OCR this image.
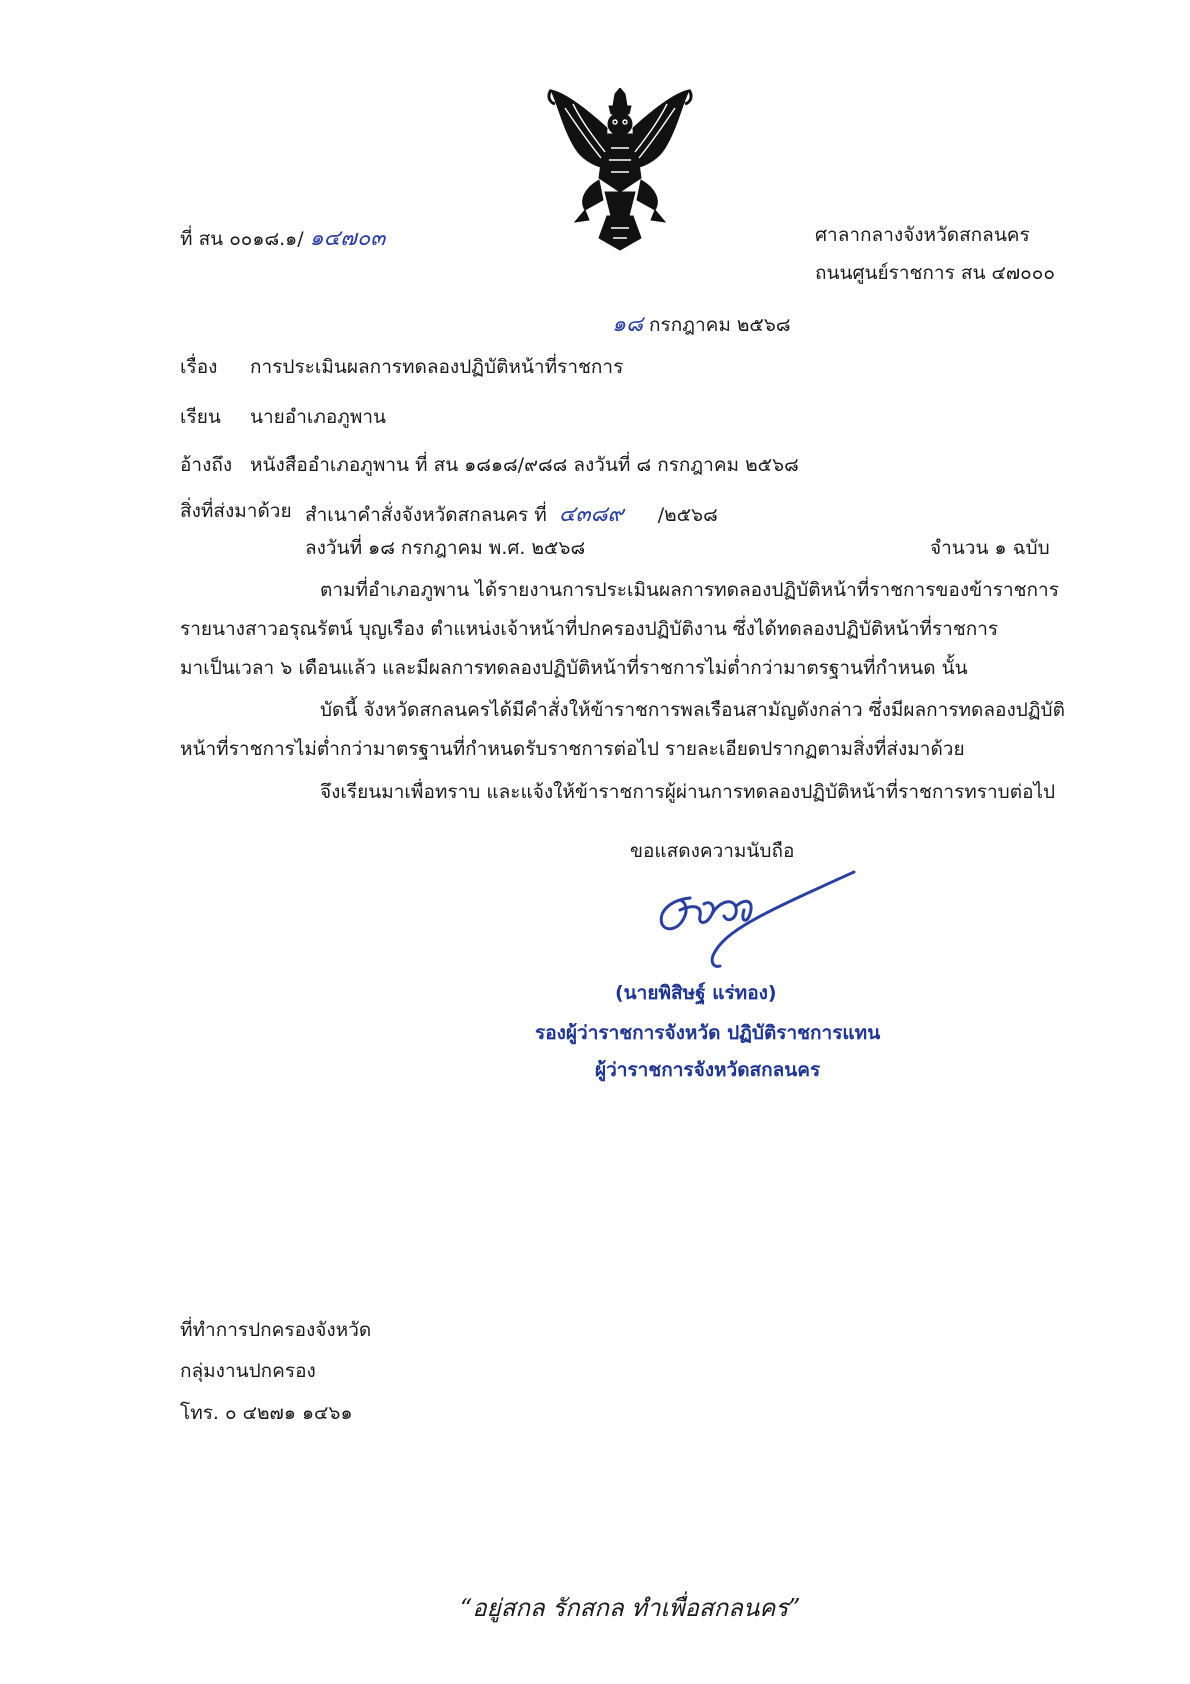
ที่ สน ๐๐๑๘.๑/ ๑๔๗๐๓	ศาลากลางจังหวัดสกลนคร
ถนนศูนย์ราชการ สน ๔๗๐๐๐
๑๘ กรกฎาคม ๒๕๖๘
เรื่อง การประเมินผลการทดลองปฏิบัติหน้าที่ราชการ
เรียน นายอำเภอภูพาน
อ้างถึง หนังสืออำเภอภูพาน ที่ สน ๑๘๑๘/๙๘๘ ลงวันที่ ๘ กรกฎาคม ๒๕๖๘
สิ่งที่ส่งมาด้วย สำเนาคำสั่งจังหวัดสกลนคร ที่ ๔๓๘๙ /๒๕๖๘
ลงวันที่ ๑๘ กรกฎาคม พ.ศ. ๒๕๖๘	จำนวน ๑ ฉบับ
ตามที่อำเภอภูพาน ได้รายงานการประเมินผลการทดลองปฏิบัติหน้าที่ราชการของข้าราชการ
รายนางสาวอรุณรัตน์ บุญเรือง ตำแหน่งเจ้าหน้าที่ปกครองปฏิบัติงาน ซึ่งได้ทดลองปฏิบัติหน้าที่ราชการ
มาเป็นเวลา ๖ เดือนแล้ว และมีผลการทดลองปฏิบัติหน้าที่ราชการไม่ต่ำกว่ามาตรฐานที่กำหนด นั้น
บัดนี้ จังหวัดสกลนครได้มีคำสั่งให้ข้าราชการพลเรือนสามัญดังกล่าว ซึ่งมีผลการทดลองปฏิบัติ
หน้าที่ราชการไม่ต่ำกว่ามาตรฐานที่กำหนดรับราชการต่อไป รายละเอียดปรากฏตามสิ่งที่ส่งมาด้วย
จึงเรียนมาเพื่อทราบ และแจ้งให้ข้าราชการผู้ผ่านการทดลองปฏิบัติหน้าที่ราชการทราบต่อไป
ขอแสดงความนับถือ
(นายพิสิษฐ์ แร่ทอง)
รองผู้ว่าราชการจังหวัด ปฏิบัติราชการแทน
ผู้ว่าราชการจังหวัดสกลนคร
ที่ทำการปกครองจังหวัด
กลุ่มงานปกครอง
โทร. ๐ ๔๒๗๑ ๑๔๖๑
“อยู่สกล รักสกล ทำเพื่อสกลนคร”
